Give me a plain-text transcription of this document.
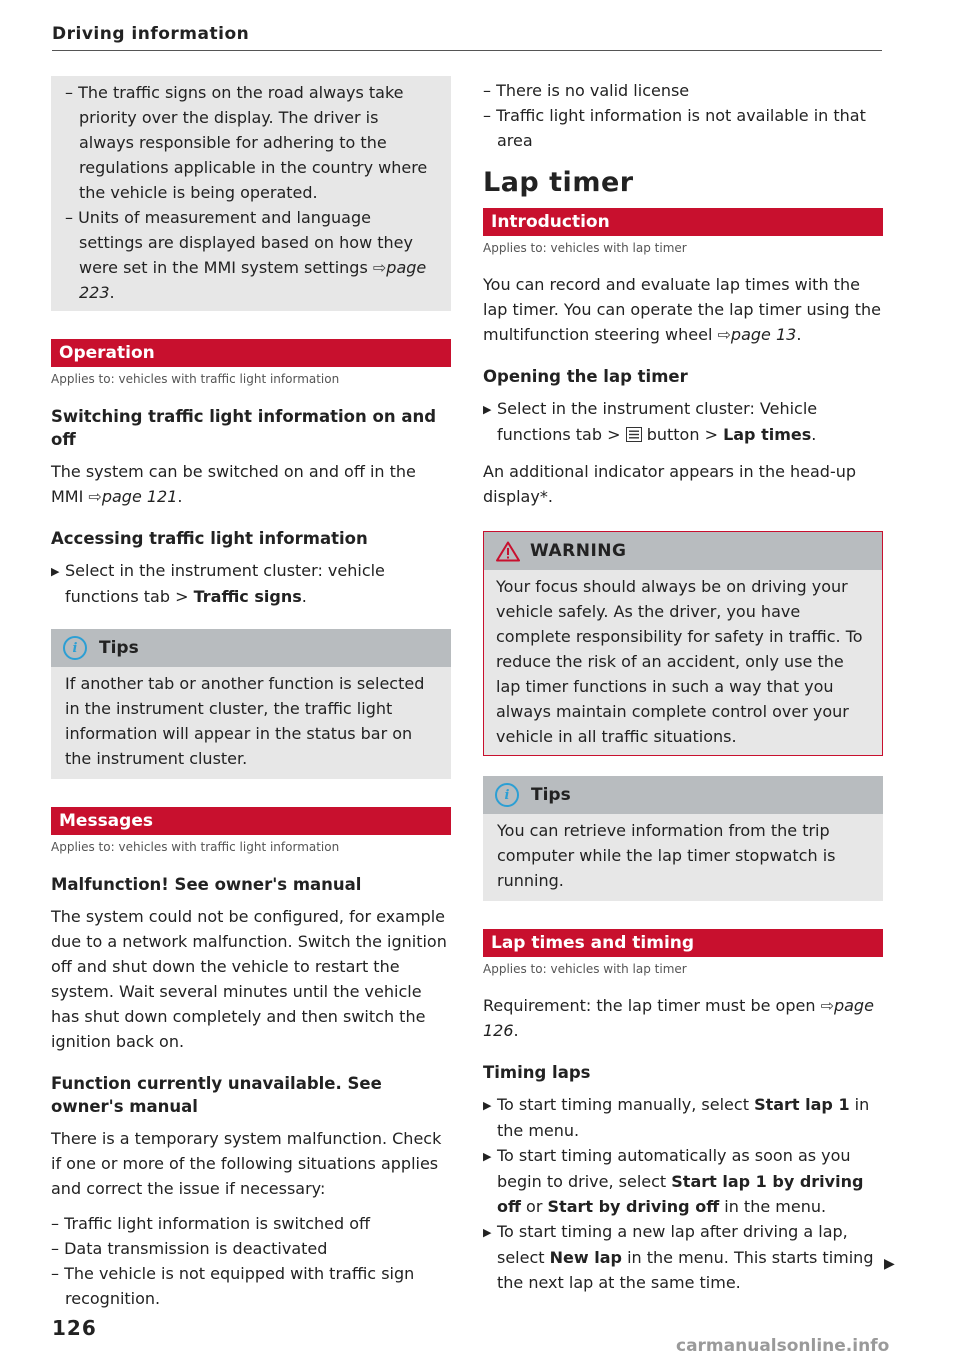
Driving information
– The traffic signs on the road always take priority over the display. The driver is always responsible for adhering to the regulations applicable in the country where the vehicle is being operated.
– Units of measurement and language settings are displayed based on how they were set in the MMI system settings ⇨page 223.
Operation
Applies to: vehicles with traffic light information
Switching traffic light information on and off

The system can be switched on and off in the MMI ⇨page 121.

Accessing traffic light information
▶ Select in the instrument cluster: vehicle functions tab > Traffic signs.
i	Tips

If another tab or another function is selected in the instrument cluster, the traffic light information will appear in the status bar on the instrument cluster.

Messages
Applies to: vehicles with traffic light information
Malfunction! See owner's manual

The system could not be configured, for example due to a network malfunction. Switch the ignition off and shut down the vehicle to restart the system. Wait several minutes until the vehicle has shut down completely and then switch the ignition back on.

Function currently unavailable. See owner's manual

There is a temporary system malfunction. Check if one or more of the following situations applies and correct the issue if necessary:

– Traffic light information is switched off
– Data transmission is deactivated
– The vehicle is not equipped with traffic sign recognition.
– There is no valid license
– Traffic light information is not available in that area
Lap timer
Introduction
Applies to: vehicles with lap timer

You can record and evaluate lap times with the lap timer. You can operate the lap timer using the multifunction steering wheel ⇨page 13.

Opening the lap timer
▶ Select in the instrument cluster: Vehicle functions tab > button > Lap times.

An additional indicator appears in the head-up display*.

WARNING

Your focus should always be on driving your vehicle safely. As the driver, you have complete responsibility for safety in traffic. To reduce the risk of an accident, only use the lap timer functions in such a way that you always maintain complete control over your vehicle in all traffic situations.

i	Tips

You can retrieve information from the trip computer while the lap timer stopwatch is running.

Lap times and timing
Applies to: vehicles with lap timer

Requirement: the lap timer must be open ⇨page 126.

Timing laps
▶ To start timing manually, select Start lap 1 in the menu.
▶ To start timing automatically as soon as you begin to drive, select Start lap 1 by driving off or Start by driving off in the menu.
▶ To start timing a new lap after driving a lap, select New lap in the menu. This starts timing the next lap at the same time.
▶
126
carmanualsonline.info
